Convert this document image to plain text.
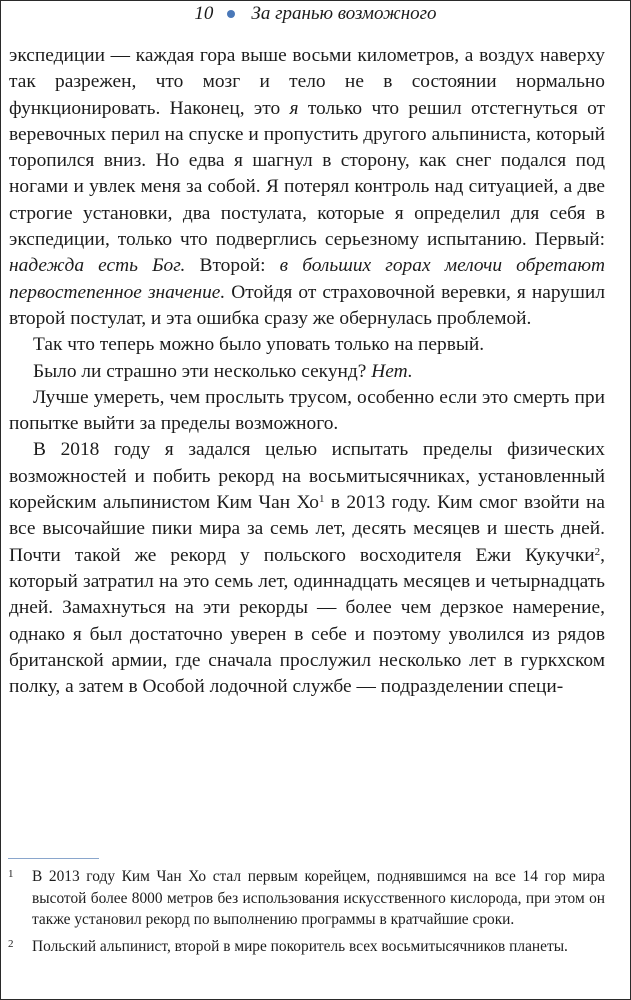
10 За гранью возможного

экспедиции — каждая гора выше восьми километров, а воздух наверху так разрежен, что мозг и тело не в состоянии нормально функционировать. Наконец, это я только что решил отстегнуться от веревочных перил на спуске и пропустить другого альпиниста, который торопился вниз. Но едва я шагнул в сторону, как снег подался под ногами и увлек меня за собой. Я потерял контроль над ситуацией, а две строгие установки, два постулата, которые я определил для себя в экспедиции, только что подверглись серьезному испытанию. Первый: надежда есть Бог. Второй: в больших горах мелочи обретают первостепенное значение. Отойдя от страховочной веревки, я нарушил второй постулат, и эта ошибка сразу же обернулась проблемой.

Так что теперь можно было уповать только на первый.

Было ли страшно эти несколько секунд? Нет.

Лучше умереть, чем прослыть трусом, особенно если это смерть при попытке выйти за пределы возможного.

В 2018 году я задался целью испытать пределы физических возможностей и побить рекорд на восьмитысячниках, установленный корейским альпинистом Ким Чан $Хо^1$ в 2013 году. Ким смог взойти на все высочайшие пики мира за семь лет, десять месяцев и шесть дней. Почти такой же рекорд у польского восходителя Ежи Кукучки$^2$, который затратил на это семь лет, одиннадцать месяцев и четырнадцать дней. Замахнуться на эти рекорды — более чем дерзкое намерение, однако я был достаточно уверен в себе и поэтому уволился из рядов британской армии, где сначала прослужил несколько лет в гуркхском полку, а затем в Особой лодочной службе — подразделении специ-

1	В 2013 году Ким Чан Хо стал первым корейцем, поднявшимся на все 14 гор мира высотой более 8000 метров без использования искусственного кислорода, при этом он также установил рекорд по выполнению программы в кратчайшие сроки.
2	Польский альпинист, второй в мире покоритель всех восьмитысячников планеты.
